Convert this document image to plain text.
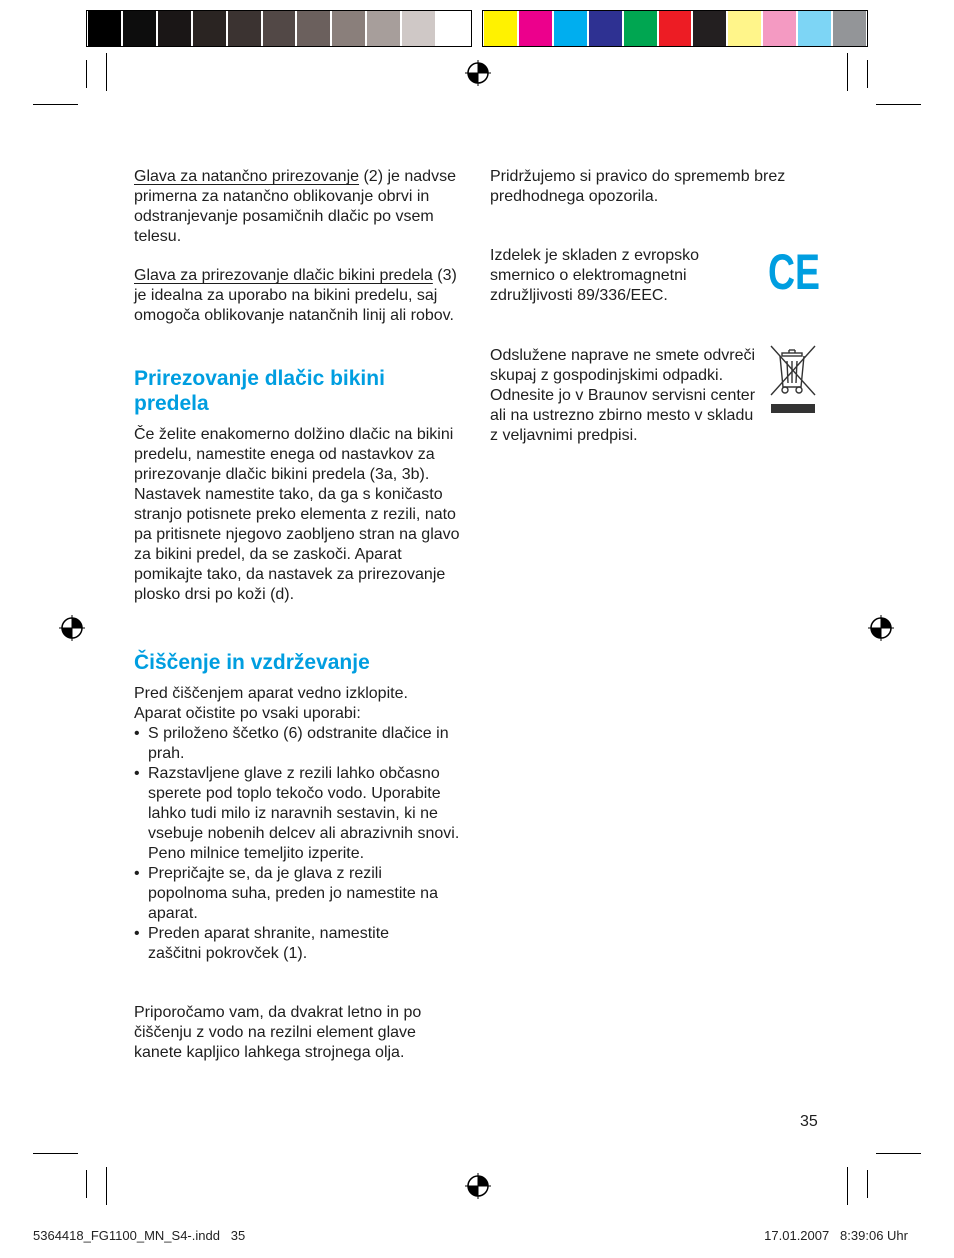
Glava za natančno prirezovanje (2) je nadvse primerna za natančno oblikovanje obrvi in odstranjevanje posamičnih dlačic po vsem telesu.
Glava za prirezovanje dlačic bikini predela (3) je idealna za uporabo na bikini predelu, saj omogoča oblikovanje natančnih linij ali robov.
Prirezovanje dlačic bikini predela
Če želite enakomerno dolžino dlačic na bikini predelu, namestite enega od nastavkov za prirezovanje dlačic bikini predela (3a, 3b). Nastavek namestite tako, da ga s koničasto stranjo potisnete preko elementa z rezili, nato pa pritisnete njegovo zaobljeno stran na glavo za bikini predel, da se zaskoči. Aparat pomikajte tako, da nastavek za prirezovanje plosko drsi po koži (d).
Čiščenje in vzdrževanje
Pred čiščenjem aparat vedno izklopite. Aparat očistite po vsaki uporabi:
• S priloženo ščetko (6) odstranite dlačice in prah.
• Razstavljene glave z rezili lahko občasno sperete pod toplo tekočo vodo. Uporabite lahko tudi milo iz naravnih sestavin, ki ne vsebuje nobenih delcev ali abrazivnih snovi. Peno milnice temeljito izperite.
• Prepričajte se, da je glava z rezili popolnoma suha, preden jo namestite na aparat.
• Preden aparat shranite, namestite zaščitni pokrovček (1).
Priporočamo vam, da dvakrat letno in po čiščenju z vodo na rezilni element glave kanete kapljico lahkega strojnega olja.
Pridržujemo si pravico do sprememb brez predhodnega opozorila.
Izdelek je skladen z evropsko smernico o elektromagnetni združljivosti 89/336/EEC.	CE
Odslužene naprave ne smete odvreči skupaj z gospodinjskimi odpadki. Odnesite jo v Braunov servisni center ali na ustrezno zbirno mesto v skladu z veljavnimi predpisi.
35
5364418_FG1100_MN_S4-.indd   35	17.01.2007   8:39:06 Uhr
